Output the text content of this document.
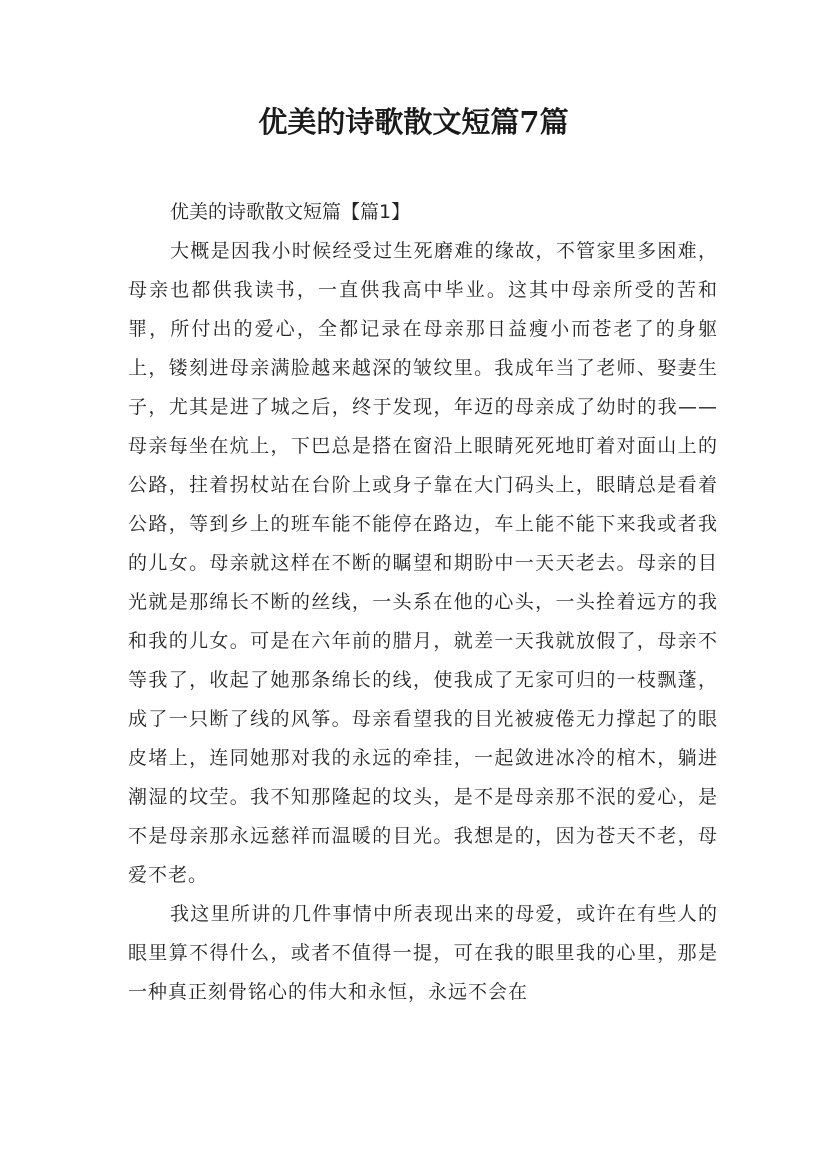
优美的诗歌散文短篇7篇

优美的诗歌散文短篇【篇1】

大概是因我小时候经受过生死磨难的缘故，不管家里多困难，母亲也都供我读书，一直供我高中毕业。这其中母亲所受的苦和罪，所付出的爱心，全都记录在母亲那日益瘦小而苍老了的身躯上，镂刻进母亲满脸越来越深的皱纹里。我成年当了老师、娶妻生子，尤其是进了城之后，终于发现，年迈的母亲成了幼时的我——母亲每坐在炕上，下巴总是搭在窗沿上眼睛死死地盯着对面山上的公路，拄着拐杖站在台阶上或身子靠在大门码头上，眼睛总是看着公路，等到乡上的班车能不能停在路边，车上能不能下来我或者我的儿女。母亲就这样在不断的瞩望和期盼中一天天老去。母亲的目光就是那绵长不断的丝线，一头系在他的心头，一头拴着远方的我和我的儿女。可是在六年前的腊月，就差一天我就放假了，母亲不等我了，收起了她那条绵长的线，使我成了无家可归的一枝飘蓬，成了一只断了线的风筝。母亲看望我的目光被疲倦无力撑起了的眼皮堵上，连同她那对我的永远的牵挂，一起敛进冰冷的棺木，躺进潮湿的坟茔。我不知那隆起的坟头，是不是母亲那不泯的爱心，是不是母亲那永远慈祥而温暖的目光。我想是的，因为苍天不老，母爱不老。

我这里所讲的几件事情中所表现出来的母爱，或许在有些人的眼里算不得什么，或者不值得一提，可在我的眼里我的心里，那是一种真正刻骨铭心的伟大和永恒，永远不会在
